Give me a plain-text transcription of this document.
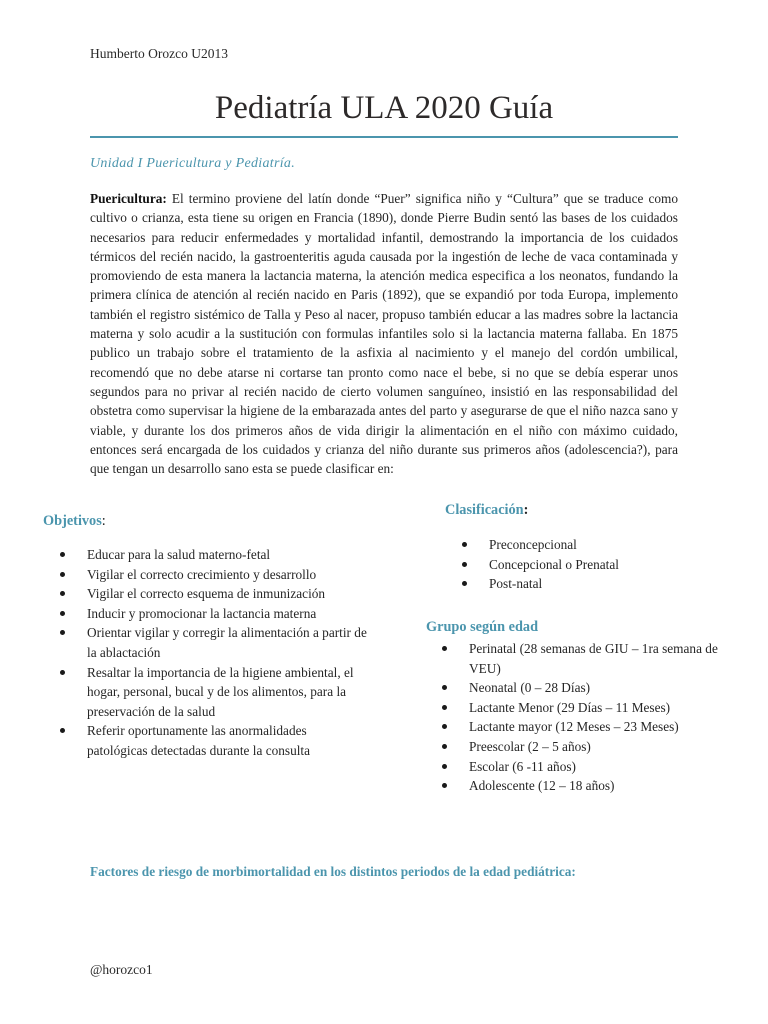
Humberto Orozco U2013
Pediatría ULA 2020 Guía
Unidad I Puericultura y Pediatría.

Puericultura: El termino proviene del latín donde “Puer” significa niño y “Cultura” que se traduce como cultivo o crianza, esta tiene su origen en Francia (1890), donde Pierre Budin sentó las bases de los cuidados necesarios para reducir enfermedades y mortalidad infantil, demostrando la importancia de los cuidados térmicos del recién nacido, la gastroenteritis aguda causada por la ingestión de leche de vaca contaminada y promoviendo de esta manera la lactancia materna, la atención medica especifica a los neonatos, fundando la primera clínica de atención al recién nacido en Paris (1892), que se expandió por toda Europa, implemento también el registro sistémico de Talla y Peso al nacer, propuso también educar a las madres sobre la lactancia materna y solo acudir a la sustitución con formulas infantiles solo si la lactancia materna fallaba. En 1875 publico un trabajo sobre el tratamiento de la asfixia al nacimiento y el manejo del cordón umbilical, recomendó que no debe atarse ni cortarse tan pronto como nace el bebe, si no que se debía esperar unos segundos para no privar al recién nacido de cierto volumen sanguíneo, insistió en las responsabilidad del obstetra como supervisar la higiene de la embarazada antes del parto y asegurarse de que el niño nazca sano y viable, y durante los dos primeros años de vida dirigir la alimentación en el niño con máximo cuidado, entonces será encargada de los cuidados y crianza del niño durante sus primeros años (adolescencia?), para que tengan un desarrollo sano esta se puede clasificar en:

Objetivos:
Educar para la salud materno-fetal
Vigilar el correcto crecimiento y desarrollo
Vigilar el correcto esquema de inmunización
Inducir y promocionar la lactancia materna
Orientar vigilar y corregir la alimentación a partir de la ablactación
Resaltar la importancia de la higiene ambiental, el hogar, personal, bucal y de los alimentos, para la preservación de la salud
Referir oportunamente las anormalidades patológicas detectadas durante la consulta
Clasificación:
Preconcepcional
Concepcional o Prenatal
Post-natal
Grupo según edad
Perinatal (28 semanas de GIU – 1ra semana de VEU)
Neonatal (0 – 28 Días)
Lactante Menor (29 Días – 11 Meses)
Lactante mayor (12 Meses – 23 Meses)
Preescolar (2 – 5 años)
Escolar (6 -11 años)
Adolescente (12 – 18 años)
Factores de riesgo de morbimortalidad en los distintos periodos de la edad pediátrica:
@horozco1
